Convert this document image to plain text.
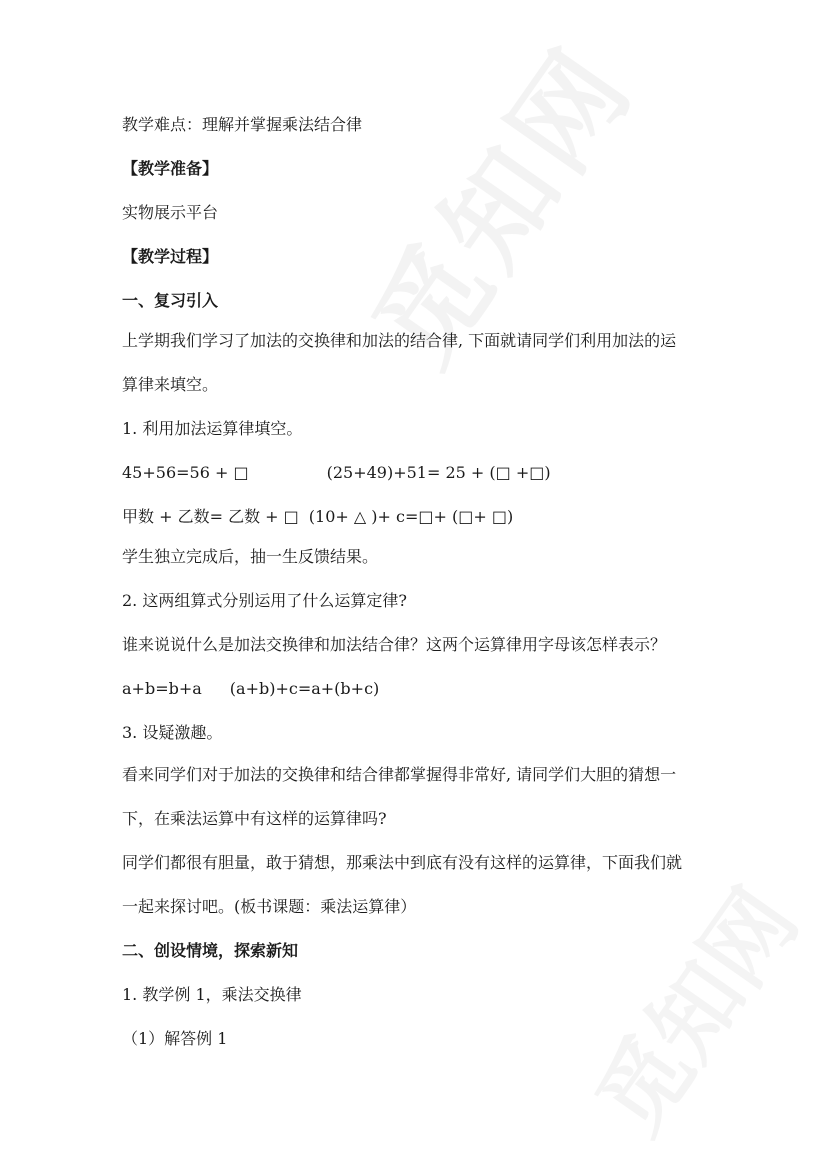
教学难点：理解并掌握乘法结合律
【教学准备】
实物展示平台
【教学过程】
一、复习引入
上学期我们学习了加法的交换律和加法的结合律, 下面就请同学们利用加法的运
算律来填空。
1. 利用加法运算律填空。
45+56=56 + □	(25+49)+51= 25 + (□ +□)
甲数 + 乙数= 乙数 + □ (10+ △ )+ c=□+ (□+ □)
学生独立完成后，抽一生反馈结果。
2. 这两组算式分别运用了什么运算定律?
谁来说说什么是加法交换律和加法结合律？这两个运算律用字母该怎样表示？
a+b=b+a (a+b)+c=a+(b+c)
3. 设疑激趣。
看来同学们对于加法的交换律和结合律都掌握得非常好, 请同学们大胆的猜想一
下，在乘法运算中有这样的运算律吗?
同学们都很有胆量，敢于猜想，那乘法中到底有没有这样的运算律，下面我们就
一起来探讨吧。(板书课题：乘法运算律）
二、创设情境，探索新知
1. 教学例 1，乘法交换律
（1）解答例 1
